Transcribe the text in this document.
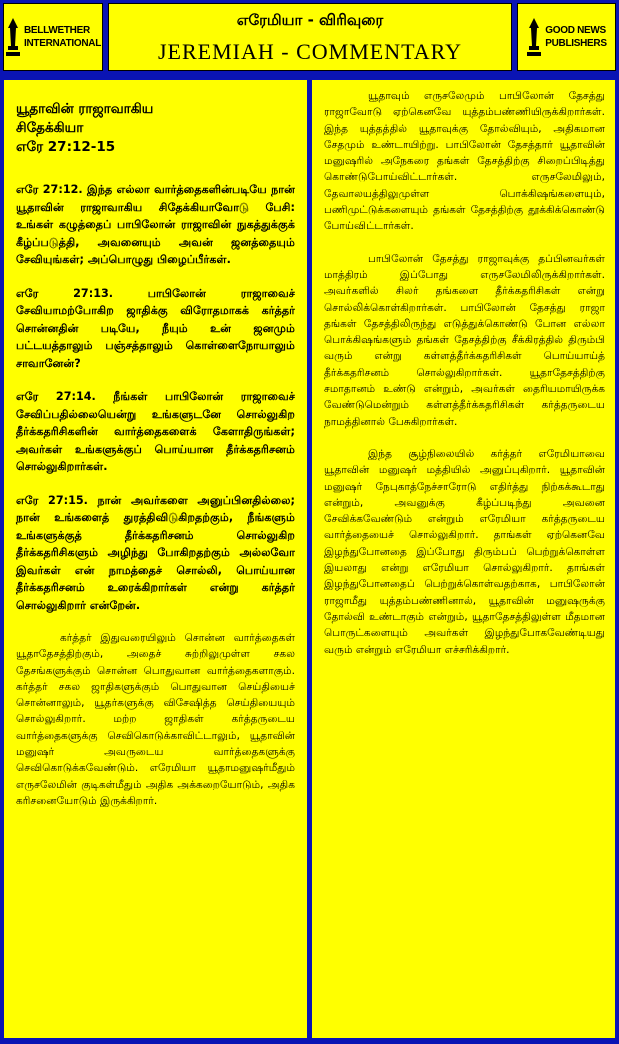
BELLWETHER
INTERNATIONAL
எரேமியா - விரிவுரை
JEREMIAH - COMMENTARY
GOOD NEWS
PUBLISHERS
யூதாவின் ராஜாவாகிய
சிதேக்கியா
எரே 27:12-15

எரே 27:12. இந்த எல்லா வார்த்தைகளின்படியே நான் யூதாவின் ராஜாவாகிய சிதேக்கியாவோடு பேசி: உங்கள் கழுத்தைப் பாபிலோன் ராஜாவின் நுகத்துக்குக் கீழ்ப்படுத்தி, அவனையும் அவன் ஜனத்தையும் சேவியுங்கள்; அப்பொழுது பிழைப்பீர்கள்.

எரே 27:13. பாபிலோன் ராஜாவைச் சேவியாமற்போகிற ஜாதிக்கு விரோதமாகக் கர்த்தர் சொன்னதின் படியே, நீயும் உன் ஜனமும் பட்டயத்தாலும் பஞ்சத்தாலும் கொள்ளைநோயாலும் சாவானேன்?

எரே 27:14. நீங்கள் பாபிலோன் ராஜாவைச் சேவிப்பதில்லையென்று உங்களுடனே சொல்லுகிற தீர்க்கதரிசிகளின் வார்த்தைகளைக் கேளாதிருங்கள்; அவர்கள் உங்களுக்குப் பொய்யான தீர்க்கதரிசனம் சொல்லுகிறார்கள்.

எரே 27:15. நான் அவர்களை அனுப்பினதில்லை; நான் உங்களைத் துரத்திவிடுகிறதற்கும், நீங்களும் உங்களுக்குத் தீர்க்கதரிசனம் சொல்லுகிற தீர்க்கதரிசிகளும் அழிந்து போகிறதற்கும் அல்லவோ இவர்கள் என் நாமத்தைச் சொல்லி, பொய்யான தீர்க்கதரிசனம் உரைக்கிறார்கள் என்று கர்த்தர் சொல்லுகிறார் என்றேன்.

கர்த்தர் இதுவரையிலும் சொன்ன வார்த்தைகள் யூதாதேசத்திற்கும், அதைச் சுற்றிலுமுள்ள சகல தேசங்களுக்கும் சொன்ன பொதுவான வார்த்தைகளாகும். கர்த்தர் சகல ஜாதிகளுக்கும் பொதுவான செய்தியைச் சொன்னாலும், யூதர்களுக்கு விசேஷித்த செய்தியையும் சொல்லுகிறார். மற்ற ஜாதிகள் கர்த்தருடைய வார்த்தைகளுக்கு செவிகொடுக்காவிட்டாலும், யூதாவின் மனுஷர் அவருடைய வார்த்தைகளுக்கு செவிகொடுக்கவேண்டும். எரேமியா யூதாமனுஷர்மீதும் எருசலேமின் குடிகள்மீதும் அதிக அக்கறையோடும், அதிக கரிசனையோடும் இருக்கிறார்.

யூதாவும் எருசலேமும் பாபிலோன் தேசத்து ராஜாவோடு ஏற்கெனவே யுத்தம்பண்ணியிருக்கிறார்கள். இந்த யுத்தத்தில் யூதாவுக்கு தோல்வியும், அதிகமான சேதமும் உண்டாயிற்று. பாபிலோன் தேசத்தார் யூதாவின் மனுஷரில் அநேகரை தங்கள் தேசத்திற்கு சிறைப்பிடித்து கொண்டுபோய்விட்டார்கள். எருசலேமிலும், தேவாலயத்திலுமுள்ள பொக்கிஷங்களையும், பணிமுட்டுக்களையும் தங்கள் தேசத்திற்கு தூக்கிக்கொண்டு போய்விட்டார்கள்.

பாபிலோன் தேசத்து ராஜாவுக்கு தப்பினவர்கள் மாத்திரம் இப்போது எருசலேமிலிருக்கிறார்கள். அவர்களில் சிலர் தங்களை தீர்க்கதரிசிகள் என்று சொல்லிக்கொள்கிறார்கள். பாபிலோன் தேசத்து ராஜா தங்கள் தேசத்திலிருந்து எடுத்துக்கொண்டு போன எல்லா பொக்கிஷங்களும் தங்கள் தேசத்திற்கு சீக்கிரத்தில் திரும்பி வரும் என்று கள்ளத்தீர்க்கதரிசிகள் பொய்யாய்த் தீர்க்கதரிசனம் சொல்லுகிறார்கள். யூதாதேசத்திற்கு சமாதானம் உண்டு என்றும், அவர்கள் தைரியமாயிருக்க வேண்டுமென்றும் கள்ளத்தீர்க்கதரிசிகள் கர்த்தருடைய நாமத்தினால் பேசுகிறார்கள்.

இந்த சூழ்நிலையில் கர்த்தர் எரேமியாவை யூதாவின் மனுஷர் மத்தியில் அனுப்புகிறார். யூதாவின் மனுஷர் நேபுகாத்நேச்சாரோடு எதிர்த்து நிற்கக்கூடாது என்றும், அவனுக்கு கீழ்ப்படிந்து அவனை சேவிக்கவேண்டும் என்றும் எரேமியா கர்த்தருடைய வார்த்தையைச் சொல்லுகிறார். தாங்கள் ஏற்கெனவே இழந்துபோனதை இப்போது திரும்பப் பெற்றுக்கொள்ள இயலாது என்று எரேமியா சொல்லுகிறார். தாங்கள் இழந்துபோனதைப் பெற்றுக்கொள்வதற்காக, பாபிலோன் ராஜாமீது யுத்தம்பண்ணினால், யூதாவின் மனுஷருக்கு தோல்வி உண்டாகும் என்றும், யூதாதேசத்திலுள்ள மீதமான பொருட்களையும் அவர்கள் இழந்துபோகவேண்டியது வரும் என்றும் எரேமியா எச்சரிக்கிறார்.
